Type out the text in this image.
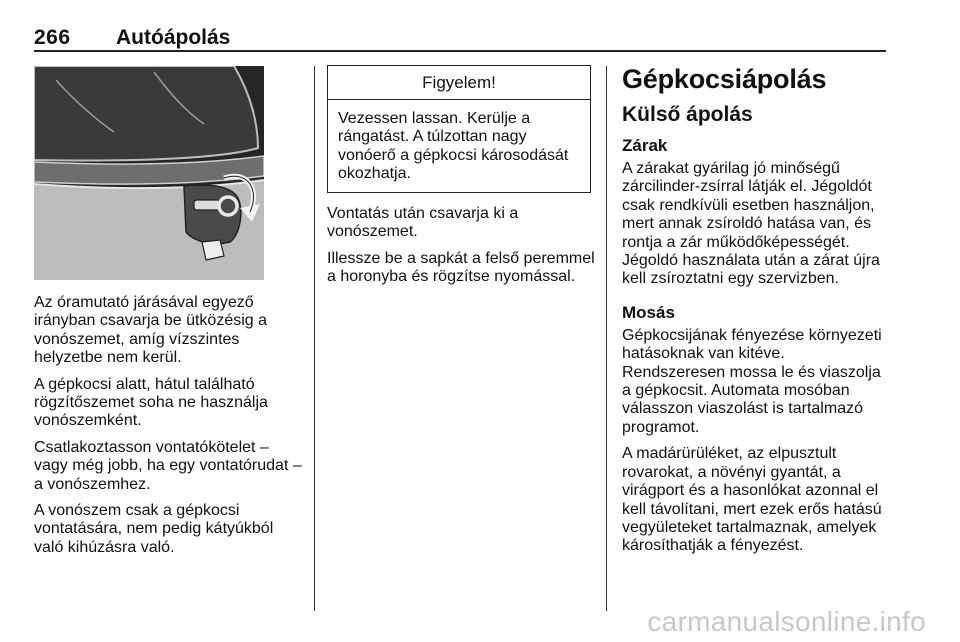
266 Autóápolás

Az óramutató járásával egyező irányban csavarja be ütközésig a vonószemet, amíg vízszintes helyzetbe nem kerül.

A gépkocsi alatt, hátul található rögzítőszemet soha ne használja vonószemként.

Csatlakoztasson vontatókötelet – vagy még jobb, ha egy vontatórudat – a vonószemhez.

A vonószem csak a gépkocsi vontatására, nem pedig kátyúkból való kihúzásra való.

Figyelem!
Vezessen lassan. Kerülje a rángatást. A túlzottan nagy vonóerő a gépkocsi károsodását okozhatja.

Vontatás után csavarja ki a vonószemet.

Illessze be a sapkát a felső peremmel a horonyba és rögzítse nyomással.

Gépkocsiápolás
Külső ápolás
Zárak

A zárakat gyárilag jó minőségű zárcilinder-zsírral látják el. Jégoldót csak rendkívüli esetben használjon, mert annak zsíroldó hatása van, és rontja a zár működőképességét. Jégoldó használata után a zárat újra kell zsíroztatni egy szervizben.

Mosás

Gépkocsijának fényezése környezeti hatásoknak van kitéve. Rendszeresen mossa le és viaszolja a gépkocsit. Automata mosóban válasszon viaszolást is tartalmazó programot.

A madárürüléket, az elpusztult rovarokat, a növényi gyantát, a virágport és a hasonlókat azonnal el kell távolítani, mert ezek erős hatású vegyületeket tartalmaznak, amelyek károsíthatják a fényezést.

carmanualsonline.info
